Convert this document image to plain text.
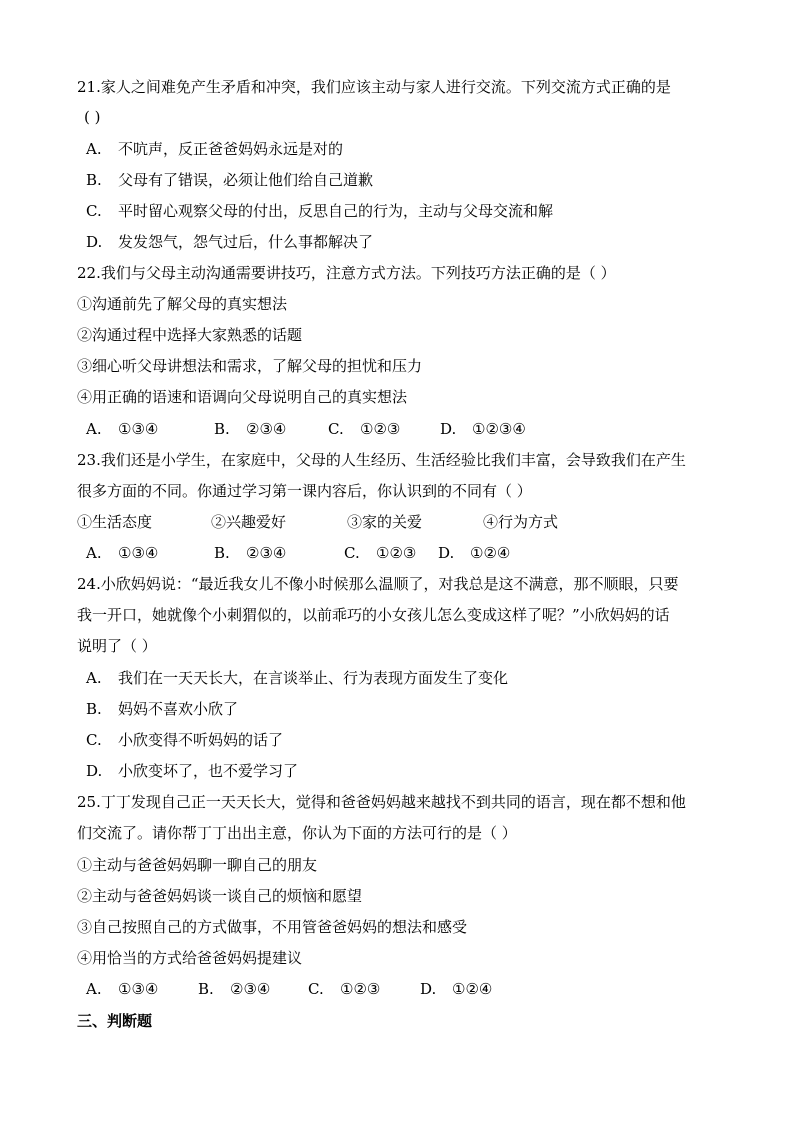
21.家人之间难免产生矛盾和冲突，我们应该主动与家人进行交流。下列交流方式正确的是
( )
A. 不吭声，反正爸爸妈妈永远是对的
B. 父母有了错误，必须让他们给自己道歉
C. 平时留心观察父母的付出，反思自己的行为，主动与父母交流和解
D. 发发怨气，怨气过后，什么事都解决了
22.我们与父母主动沟通需要讲技巧，注意方式方法。下列技巧方法正确的是（ ）
①沟通前先了解父母的真实想法
②沟通过程中选择大家熟悉的话题
③细心听父母讲想法和需求，了解父母的担忧和压力
④用正确的语速和语调向父母说明自己的真实想法
A. ①③④	B. ②③④	C. ①②③	D. ①②③④
23.我们还是小学生，在家庭中，父母的人生经历、生活经验比我们丰富，会导致我们在产生
很多方面的不同。你通过学习第一课内容后，你认识到的不同有（ ）
①生活态度	②兴趣爱好	③家的关爱	④行为方式
A. ①③④	B. ②③④	C. ①②③ D. ①②④
24.小欣妈妈说：“最近我女儿不像小时候那么温顺了，对我总是这不满意，那不顺眼，只要
我一开口，她就像个小刺猬似的，以前乖巧的小女孩儿怎么变成这样了呢？”小欣妈妈的话
说明了（ ）
A. 我们在一天天长大，在言谈举止、行为表现方面发生了变化
B. 妈妈不喜欢小欣了
C. 小欣变得不听妈妈的话了
D. 小欣变坏了，也不爱学习了
25.丁丁发现自己正一天天长大，觉得和爸爸妈妈越来越找不到共同的语言，现在都不想和他
们交流了。请你帮丁丁出出主意，你认为下面的方法可行的是（ ）
①主动与爸爸妈妈聊一聊自己的朋友
②主动与爸爸妈妈谈一谈自己的烦恼和愿望
③自己按照自己的方式做事，不用管爸爸妈妈的想法和感受
④用恰当的方式给爸爸妈妈提建议
A. ①③④	B. ②③④	C. ①②③	D. ①②④
三、判断题
